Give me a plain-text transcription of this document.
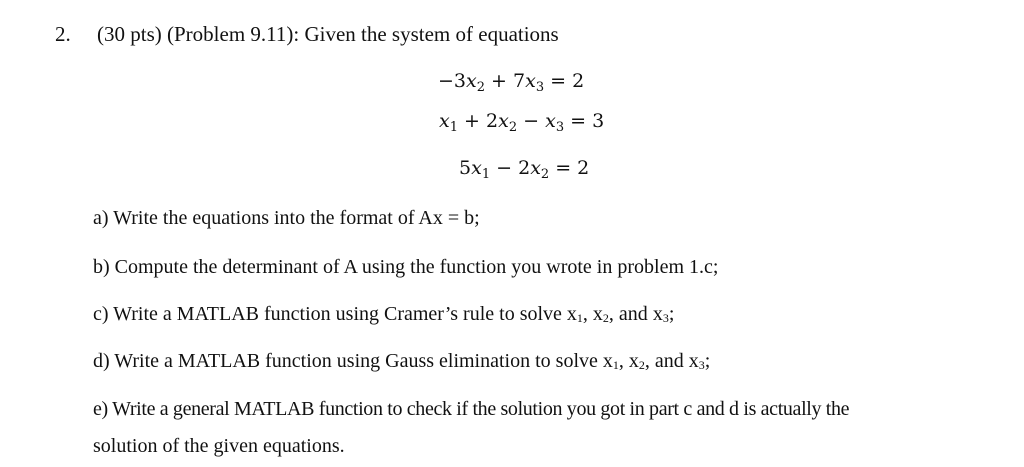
2. (30 pts) (Problem 9.11): Given the system of equations
$-3x_2 + 7x_3 = 2$
$x_1 + 2x_2 - x_3 = 3$
$5x_1 - 2x_2 = 2$
a) Write the equations into the format of Ax = b;
b) Compute the determinant of A using the function you wrote in problem 1.c;
c) Write a MATLAB function using Cramer’s rule to solve $x_1$, $x_2$, and $x_3$;
d) Write a MATLAB function using Gauss elimination to solve $x_1$, $x_2$, and $x_3$;
e) Write a general MATLAB function to check if the solution you got in part c and d is actually the
solution of the given equations.
